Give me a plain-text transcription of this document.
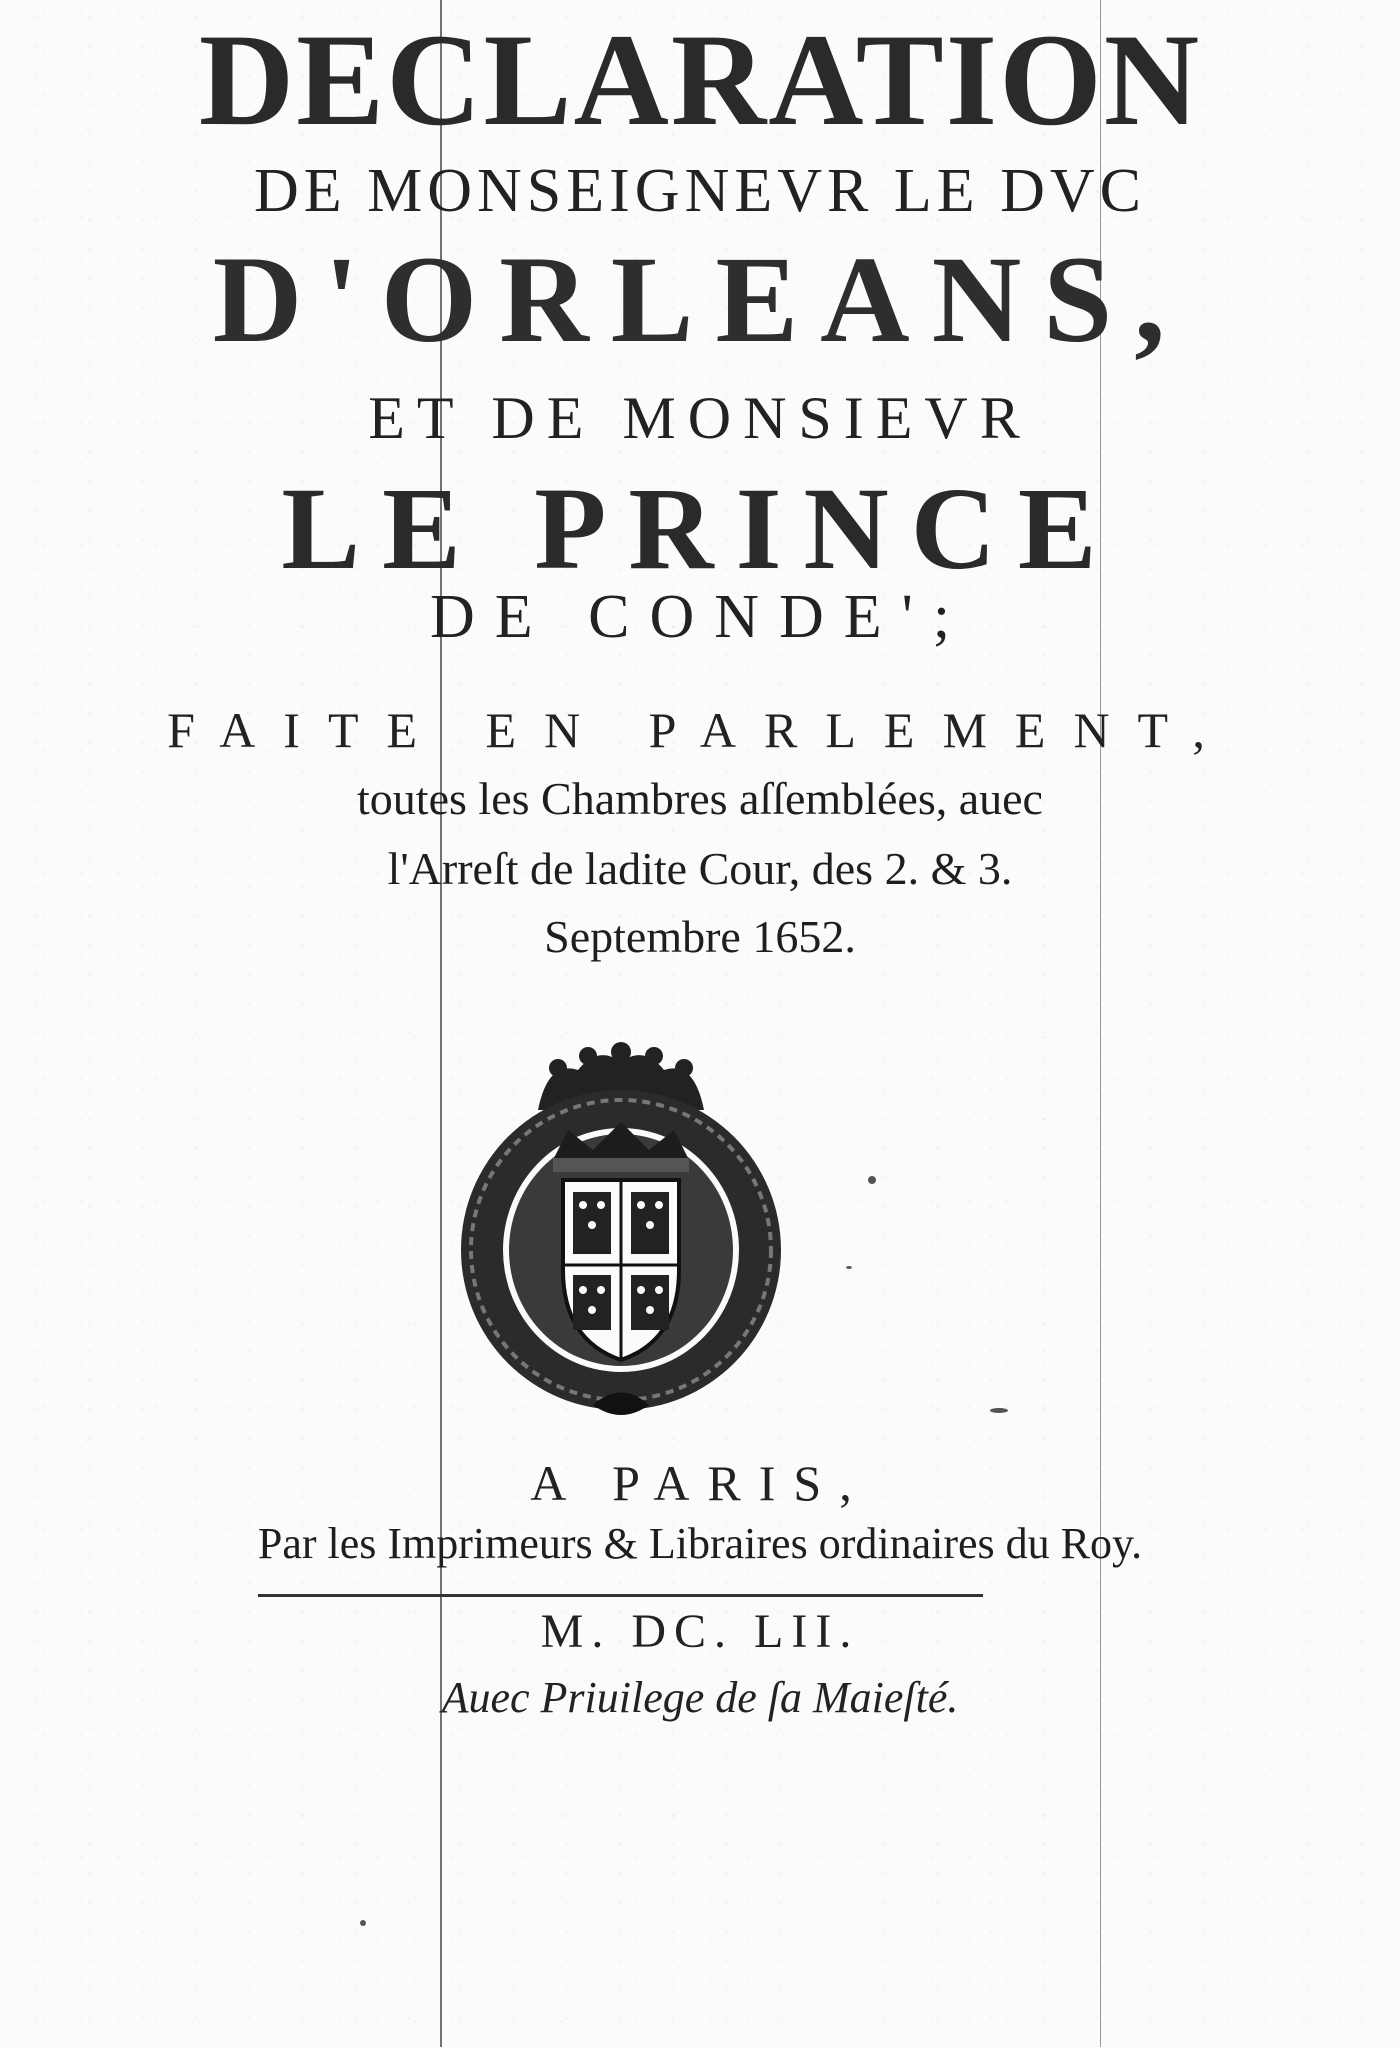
DECLARATION
DE MONSEIGNEVR LE DVC
D'ORLEANS,
ET DE MONSIEVR
LE PRINCE
DE CONDE';
FAITE EN PARLEMENT,
toutes les Chambres aſſemblées, auec
l'Arreſt de ladite Cour, des 2. & 3.
Septembre 1652.
A PARIS,
Par les Imprimeurs & Libraires ordinaires du Roy.
M. DC. LII.
Auec Priuilege de ſa Maieſté.
